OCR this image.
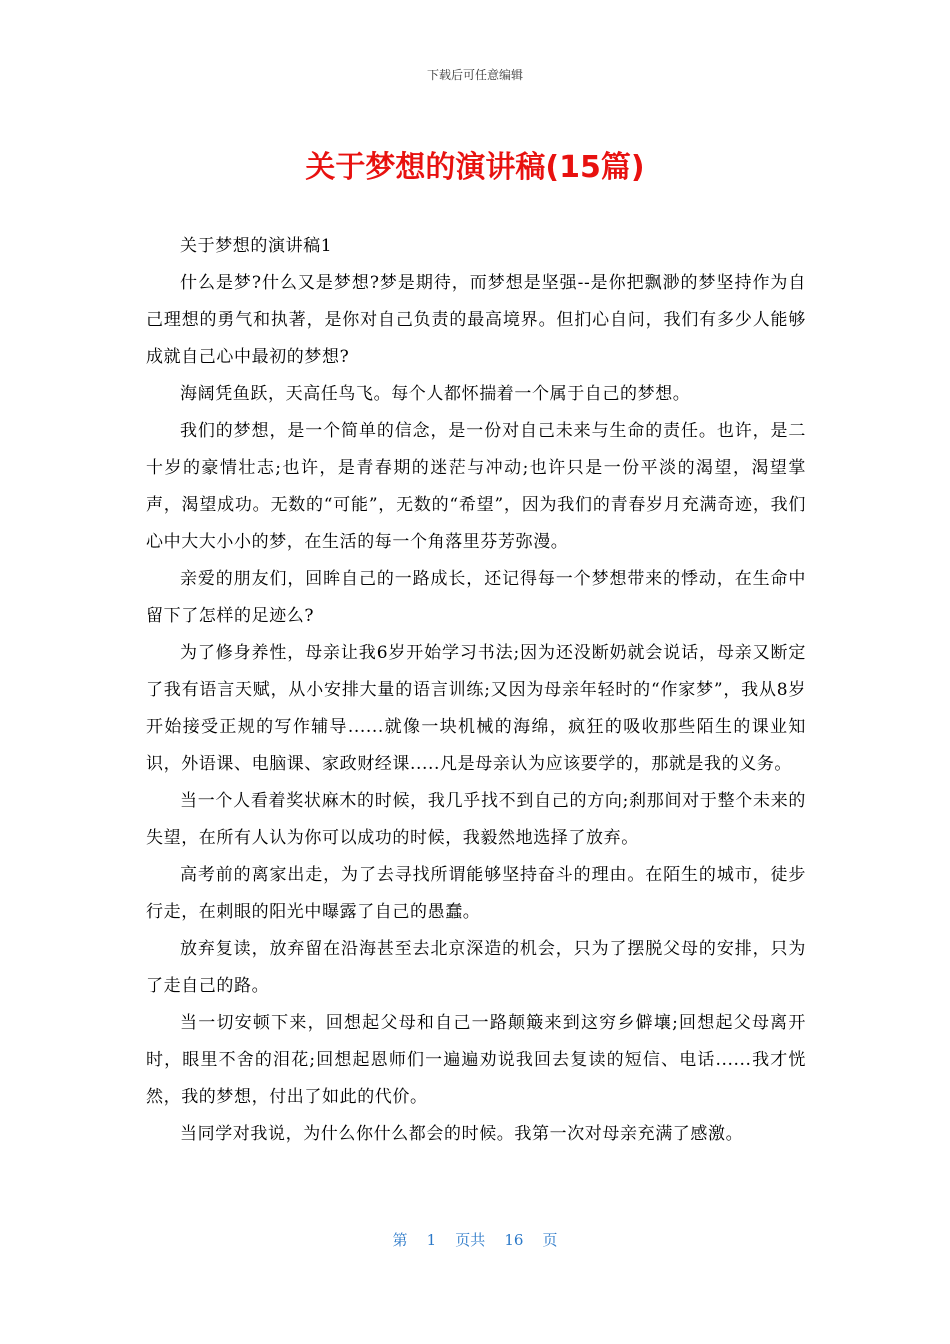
下载后可任意编辑
关于梦想的演讲稿(15篇)

关于梦想的演讲稿1

什么是梦?什么又是梦想?梦是期待，而梦想是坚强--是你把飘渺的梦坚持作为自己理想的勇气和执著，是你对自己负责的最高境界。但扪心自问，我们有多少人能够成就自己心中最初的梦想?

海阔凭鱼跃，天高任鸟飞。每个人都怀揣着一个属于自己的梦想。

我们的梦想，是一个简单的信念，是一份对自己未来与生命的责任。也许，是二十岁的豪情壮志;也许，是青春期的迷茫与冲动;也许只是一份平淡的渴望，渴望掌声，渴望成功。无数的“可能”，无数的“希望”，因为我们的青春岁月充满奇迹，我们心中大大小小的梦，在生活的每一个角落里芬芳弥漫。

亲爱的朋友们，回眸自己的一路成长，还记得每一个梦想带来的悸动，在生命中留下了怎样的足迹么?

为了修身养性，母亲让我6岁开始学习书法;因为还没断奶就会说话，母亲又断定了我有语言天赋，从小安排大量的语言训练;又因为母亲年轻时的“作家梦”，我从8岁开始接受正规的写作辅导......就像一块机械的海绵，疯狂的吸收那些陌生的课业知识，外语课、电脑课、家政财经课.....凡是母亲认为应该要学的，那就是我的义务。

当一个人看着奖状麻木的时候，我几乎找不到自己的方向;刹那间对于整个未来的失望，在所有人认为你可以成功的时候，我毅然地选择了放弃。

高考前的离家出走，为了去寻找所谓能够坚持奋斗的理由。在陌生的城市，徒步行走，在刺眼的阳光中曝露了自己的愚蠢。

放弃复读，放弃留在沿海甚至去北京深造的机会，只为了摆脱父母的安排，只为了走自己的路。

当一切安顿下来，回想起父母和自己一路颠簸来到这穷乡僻壤;回想起父母离开时，眼里不舍的泪花;回想起恩师们一遍遍劝说我回去复读的短信、电话......我才恍然，我的梦想，付出了如此的代价。

当同学对我说，为什么你什么都会的时候。我第一次对母亲充满了感激。

第 1 页共 16 页
